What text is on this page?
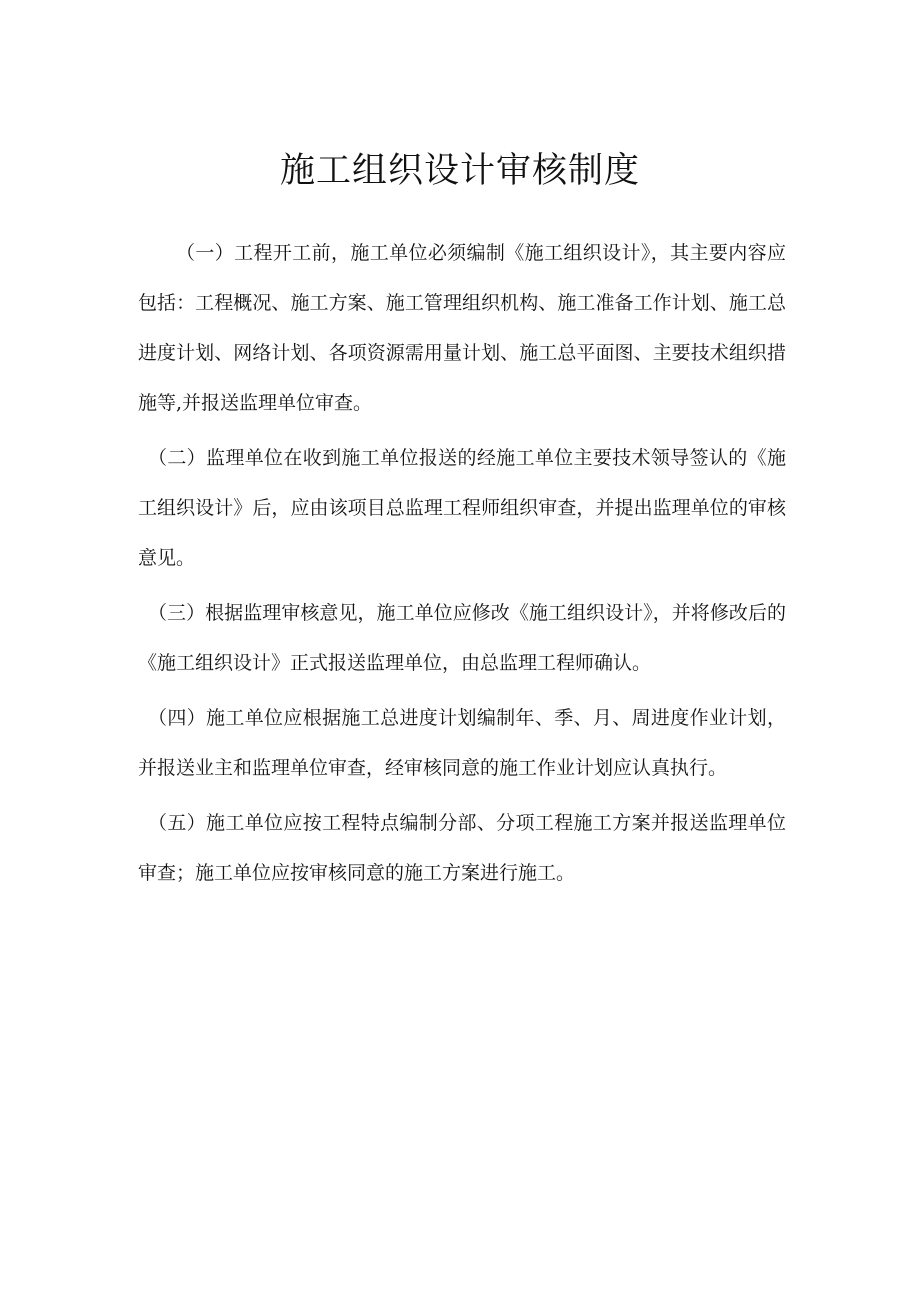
施工组织设计审核制度

（一）工程开工前，施工单位必须编制《施工组织设计》，其主要内容应包括：工程概况、施工方案、施工管理组织机构、施工准备工作计划、施工总进度计划、网络计划、各项资源需用量计划、施工总平面图、主要技术组织措施等,并报送监理单位审查。

（二）监理单位在收到施工单位报送的经施工单位主要技术领导签认的《施工组织设计》后，应由该项目总监理工程师组织审查，并提出监理单位的审核意见。

（三）根据监理审核意见，施工单位应修改《施工组织设计》，并将修改后的《施工组织设计》正式报送监理单位，由总监理工程师确认。

（四）施工单位应根据施工总进度计划编制年、季、月、周进度作业计划，并报送业主和监理单位审查，经审核同意的施工作业计划应认真执行。

（五）施工单位应按工程特点编制分部、分项工程施工方案并报送监理单位审查；施工单位应按审核同意的施工方案进行施工。
